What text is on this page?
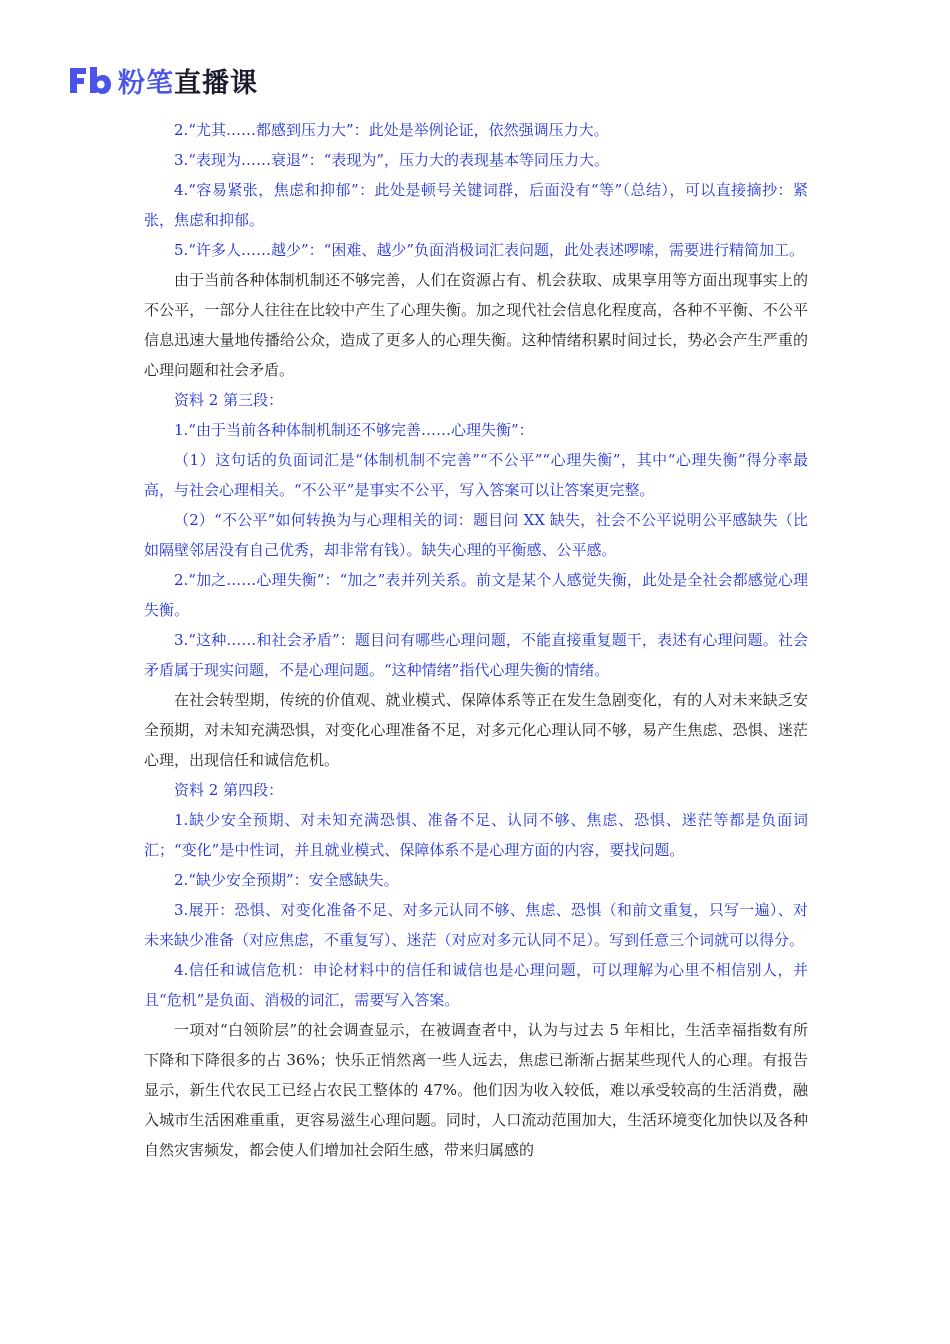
粉笔直播课

2.“尤其……都感到压力大”：此处是举例论证，依然强调压力大。

3.“表现为……衰退”：“表现为”，压力大的表现基本等同压力大。

4.“容易紧张，焦虑和抑郁”：此处是顿号关键词群，后面没有“等”（总结），可以直接摘抄：紧张，焦虑和抑郁。

5.“许多人……越少”：“困难、越少”负面消极词汇表问题，此处表述啰嗦，需要进行精简加工。

由于当前各种体制机制还不够完善，人们在资源占有、机会获取、成果享用等方面出现事实上的不公平，一部分人往往在比较中产生了心理失衡。加之现代社会信息化程度高，各种不平衡、不公平信息迅速大量地传播给公众，造成了更多人的心理失衡。这种情绪积累时间过长，势必会产生严重的心理问题和社会矛盾。

资料 2 第三段：

1.“由于当前各种体制机制还不够完善……心理失衡”：

（1）这句话的负面词汇是“体制机制不完善”“不公平”“心理失衡”，其中“心理失衡”得分率最高，与社会心理相关。“不公平”是事实不公平，写入答案可以让答案更完整。

（2）“不公平”如何转换为与心理相关的词：题目问 XX 缺失，社会不公平说明公平感缺失（比如隔壁邻居没有自己优秀，却非常有钱）。缺失心理的平衡感、公平感。

2.“加之……心理失衡”：“加之”表并列关系。前文是某个人感觉失衡，此处是全社会都感觉心理失衡。

3.“这种……和社会矛盾”：题目问有哪些心理问题，不能直接重复题干，表述有心理问题。社会矛盾属于现实问题，不是心理问题。“这种情绪”指代心理失衡的情绪。

在社会转型期，传统的价值观、就业模式、保障体系等正在发生急剧变化，有的人对未来缺乏安全预期，对未知充满恐惧，对变化心理准备不足，对多元化心理认同不够，易产生焦虑、恐惧、迷茫心理，出现信任和诚信危机。

资料 2 第四段：

1.缺少安全预期、对未知充满恐惧、准备不足、认同不够、焦虑、恐惧、迷茫等都是负面词汇；“变化”是中性词，并且就业模式、保障体系不是心理方面的内容，要找问题。

2.“缺少安全预期”：安全感缺失。

3.展开：恐惧、对变化准备不足、对多元认同不够、焦虑、恐惧（和前文重复，只写一遍）、对未来缺少准备（对应焦虑，不重复写）、迷茫（对应对多元认同不足）。写到任意三个词就可以得分。

4.信任和诚信危机：申论材料中的信任和诚信也是心理问题，可以理解为心里不相信别人，并且“危机”是负面、消极的词汇，需要写入答案。

一项对“白领阶层”的社会调查显示，在被调查者中，认为与过去 5 年相比，生活幸福指数有所下降和下降很多的占 36%；快乐正悄然离一些人远去，焦虑已渐渐占据某些现代人的心理。有报告显示，新生代农民工已经占农民工整体的 47%。他们因为收入较低，难以承受较高的生活消费，融入城市生活困难重重，更容易滋生心理问题。同时，人口流动范围加大，生活环境变化加快以及各种自然灾害频发，都会使人们增加社会陌生感，带来归属感的
